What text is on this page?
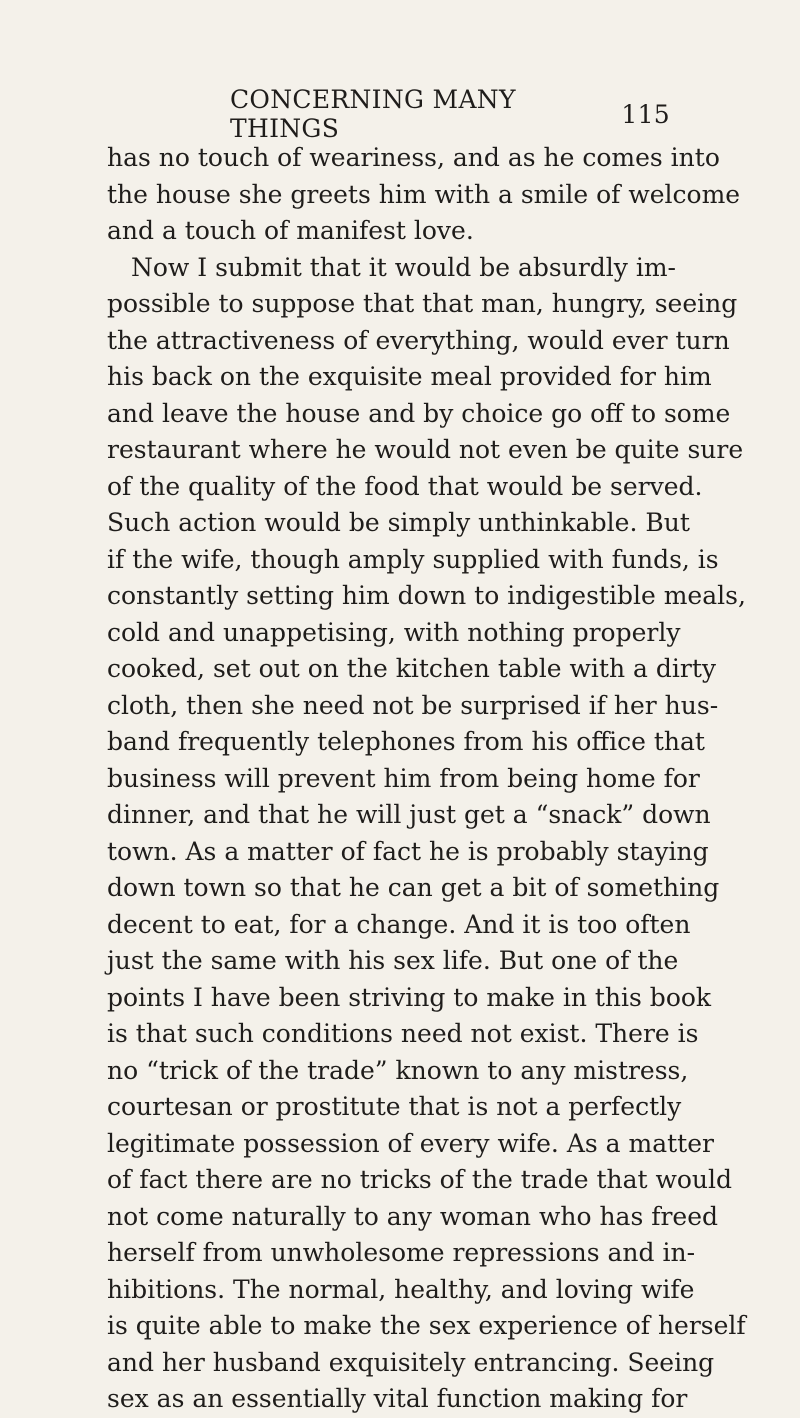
CONCERNING MANY THINGS	115
has no touch of weariness, and as he comes into
the house she greets him with a smile of welcome
and a touch of manifest love.
Now I submit that it would be absurdly im-
possible to suppose that that man, hungry, seeing
the attractiveness of everything, would ever turn
his back on the exquisite meal provided for him
and leave the house and by choice go off to some
restaurant where he would not even be quite sure
of the quality of the food that would be served.
Such action would be simply unthinkable. But
if the wife, though amply supplied with funds, is
constantly setting him down to indigestible meals,
cold and unappetising, with nothing properly
cooked, set out on the kitchen table with a dirty
cloth, then she need not be surprised if her hus-
band frequently telephones from his office that
business will prevent him from being home for
dinner, and that he will just get a “snack” down
town. As a matter of fact he is probably staying
down town so that he can get a bit of something
decent to eat, for a change. And it is too often
just the same with his sex life. But one of the
points I have been striving to make in this book
is that such conditions need not exist. There is
no “trick of the trade” known to any mistress,
courtesan or prostitute that is not a perfectly
legitimate possession of every wife. As a matter
of fact there are no tricks of the trade that would
not come naturally to any woman who has freed
herself from unwholesome repressions and in-
hibitions. The normal, healthy, and loving wife
is quite able to make the sex experience of herself
and her husband exquisitely entrancing. Seeing
sex as an essentially vital function making for
